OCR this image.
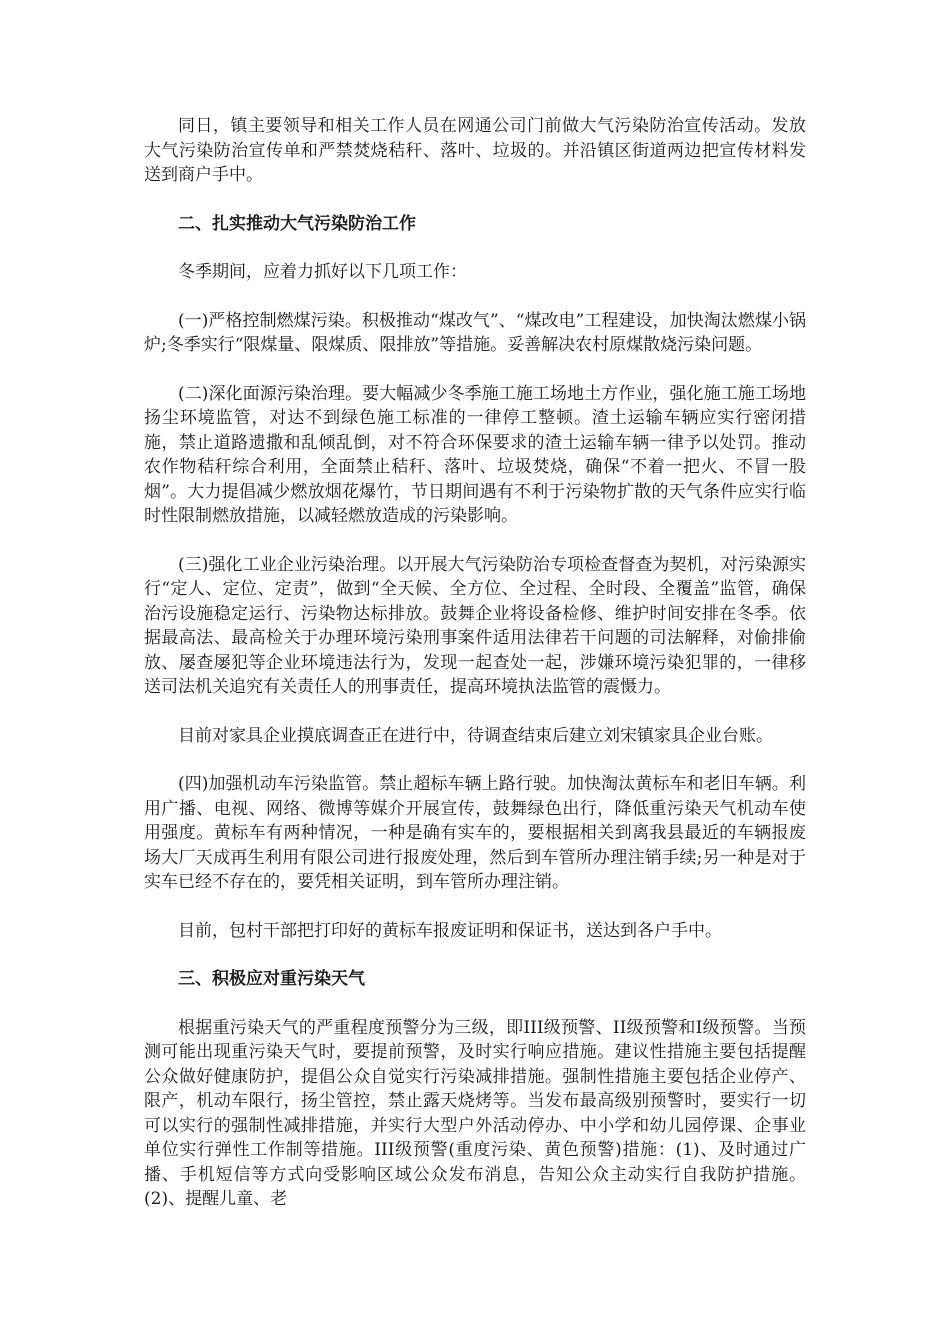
同日，镇主要领导和相关工作人员在网通公司门前做大气污染防治宣传活动。发放大气污染防治宣传单和严禁焚烧秸秆、落叶、垃圾的。并沿镇区街道两边把宣传材料发送到商户手中。

二、扎实推动大气污染防治工作

冬季期间，应着力抓好以下几项工作：

(一)严格控制燃煤污染。积极推动“煤改气”、“煤改电”工程建设，加快淘汰燃煤小锅炉;冬季实行“限煤量、限煤质、限排放”等措施。妥善解决农村原煤散烧污染问题。

(二)深化面源污染治理。要大幅减少冬季施工施工场地土方作业，强化施工施工场地扬尘环境监管，对达不到绿色施工标准的一律停工整顿。渣土运输车辆应实行密闭措施，禁止道路遗撒和乱倾乱倒，对不符合环保要求的渣土运输车辆一律予以处罚。推动农作物秸秆综合利用，全面禁止秸秆、落叶、垃圾焚烧，确保“不着一把火、不冒一股烟”。大力提倡减少燃放烟花爆竹，节日期间遇有不利于污染物扩散的天气条件应实行临时性限制燃放措施，以减轻燃放造成的污染影响。

(三)强化工业企业污染治理。以开展大气污染防治专项检查督查为契机，对污染源实行“定人、定位、定责”，做到“全天候、全方位、全过程、全时段、全覆盖”监管，确保治污设施稳定运行、污染物达标排放。鼓舞企业将设备检修、维护时间安排在冬季。依据最高法、最高检关于办理环境污染刑事案件适用法律若干问题的司法解释，对偷排偷放、屡查屡犯等企业环境违法行为，发现一起查处一起，涉嫌环境污染犯罪的，一律移送司法机关追究有关责任人的刑事责任，提高环境执法监管的震慑力。

目前对家具企业摸底调查正在进行中，待调查结束后建立刘宋镇家具企业台账。

(四)加强机动车污染监管。禁止超标车辆上路行驶。加快淘汰黄标车和老旧车辆。利用广播、电视、网络、微博等媒介开展宣传，鼓舞绿色出行，降低重污染天气机动车使用强度。黄标车有两种情况，一种是确有实车的，要根据相关到离我县最近的车辆报废场大厂天成再生利用有限公司进行报废处理，然后到车管所办理注销手续;另一种是对于实车已经不存在的，要凭相关证明，到车管所办理注销。

目前，包村干部把打印好的黄标车报废证明和保证书，送达到各户手中。

三、积极应对重污染天气

根据重污染天气的严重程度预警分为三级，即III级预警、II级预警和I级预警。当预测可能出现重污染天气时，要提前预警，及时实行响应措施。建议性措施主要包括提醒公众做好健康防护，提倡公众自觉实行污染减排措施。强制性措施主要包括企业停产、限产，机动车限行，扬尘管控，禁止露天烧烤等。当发布最高级别预警时，要实行一切可以实行的强制性减排措施，并实行大型户外活动停办、中小学和幼儿园停课、企事业单位实行弹性工作制等措施。III级预警(重度污染、黄色预警)措施：(1)、及时通过广播、手机短信等方式向受影响区域公众发布消息，告知公众主动实行自我防护措施。(2)、提醒儿童、老
